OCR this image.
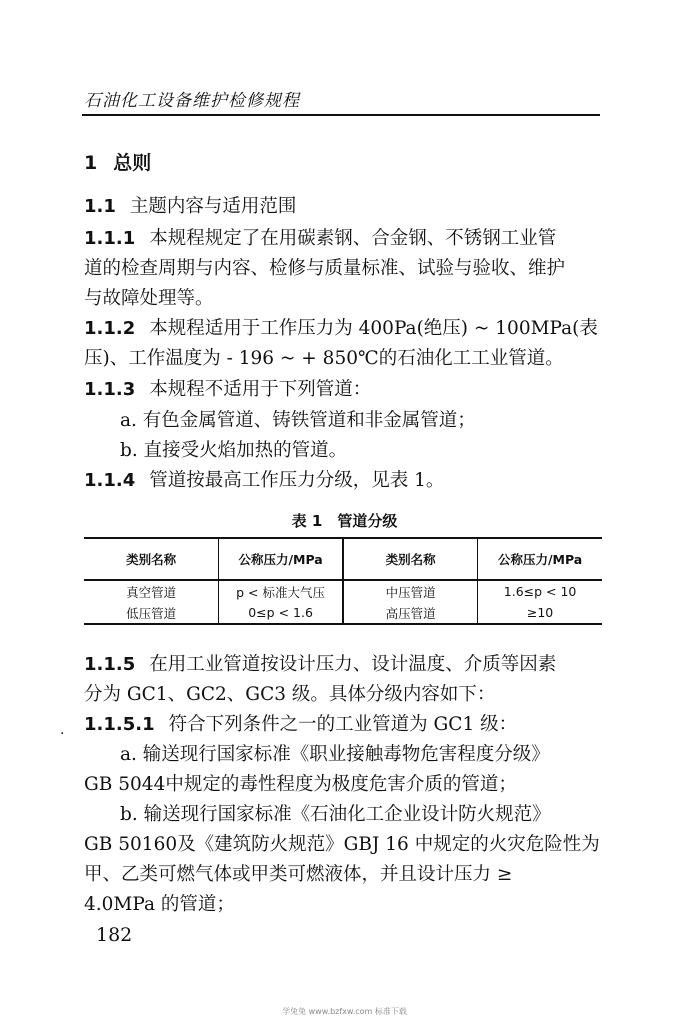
石油化工设备维护检修规程
1 总则
1.1 主题内容与适用范围
1.1.1 本规程规定了在用碳素钢、合金钢、不锈钢工业管
道的检查周期与内容、检修与质量标准、试验与验收、维护
与故障处理等。
1.1.2 本规程适用于工作压力为 400Pa(绝压) ~ 100MPa(表
压)、工作温度为 - 196 ~ + 850℃的石油化工工业管道。
1.1.3 本规程不适用于下列管道：
a. 有色金属管道、铸铁管道和非金属管道；
b. 直接受火焰加热的管道。
1.1.4 管道按最高工作压力分级，见表 1。
表 1　管道分级
类别名称	公称压力/MPa	类别名称	公称压力/MPa
真空管道	p < 标准大气压	中压管道	1.6≤p < 10
低压管道	0≤p < 1.6	高压管道	≥10
1.1.5 在用工业管道按设计压力、设计温度、介质等因素
分为 GC1、GC2、GC3 级。具体分级内容如下：
. 1.1.5.1 符合下列条件之一的工业管道为 GC1 级：
a. 输送现行国家标准《职业接触毒物危害程度分级》
GB 5044中规定的毒性程度为极度危害介质的管道；
b. 输送现行国家标准《石油化工企业设计防火规范》
GB 50160及《建筑防火规范》GBJ 16 中规定的火灾危险性为
甲、乙类可燃气体或甲类可燃液体，并且设计压力 ≥
4.0MPa 的管道；
182
学兔兔 www.bzfxw.com 标准下载
